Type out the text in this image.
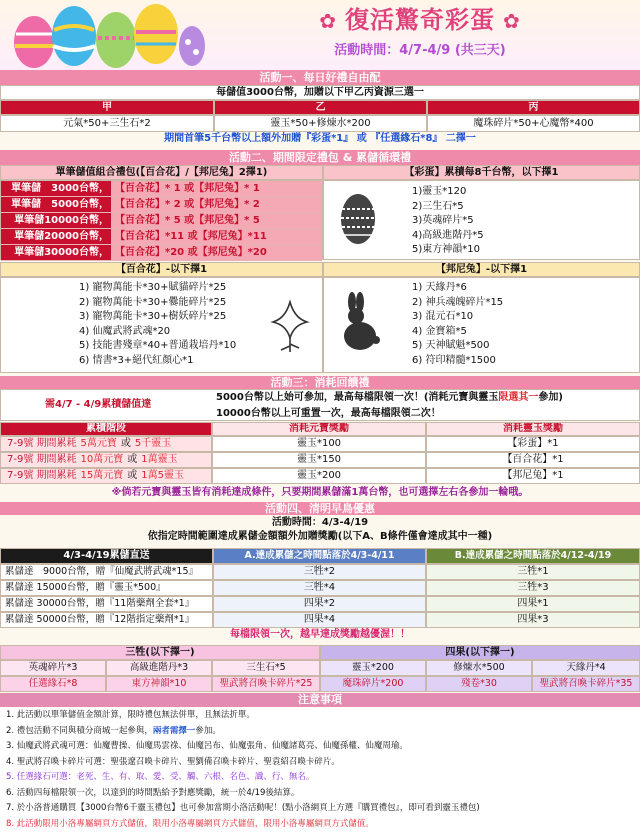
✿ 復活驚奇彩蛋 ✿
活動時間：4/7-4/9 (共三天)
活動一、每日好禮自由配
每儲值3000台幣，加贈以下甲乙丙資源三選一
甲	乙	丙
元氣*50+三生石*2	靈玉*50+修煉水*200	魔珠碎片*50+心魔幣*400
期間首筆5千台幣以上額外加贈『彩蛋*1』 或 『任選緣石*8』 二擇一
活動二、期間限定禮包 & 累儲循環禮
單筆儲值組合禮包(【百合花】/【邦尼兔】2擇1)	【彩蛋】累積每8千台幣，以下擇1
單筆儲　3000台幣， 【百合花】* 1 或【邦尼兔】* 1
單筆儲　5000台幣， 【百合花】* 2 或【邦尼兔】* 2
單筆儲10000台幣， 【百合花】* 5 或【邦尼兔】* 5
單筆儲20000台幣， 【百合花】*11 或【邦尼兔】*11
單筆儲30000台幣， 【百合花】*20 或【邦尼兔】*20
1)靈玉*120
2)三生石*5
3)英魂碎片*5
4)高級進階丹*5
5)東方神韻*10
【百合花】-以下擇1	【邦尼兔】-以下擇1
1) 寵物萬能卡*30+賦貓碎片*25
2) 寵物萬能卡*30+爨能碎片*25
3) 寵物萬能卡*30+樹妖碎片*25
4) 仙魔武將武魂*20
5) 技能書殘章*40+普通栽培丹*10
6) 情書*3+絕代紅顏心*1
1) 天緣丹*6
2) 神兵魂魄碎片*15
3) 混元石*10
4) 金寶箱*5
5) 天神賦魁*500
6) 符印精髓*1500
活動三：消耗回饋禮
需4/7 - 4/9累積儲值達
5000台幣以上始可參加，最高每檔限領一次！(消耗元寶與靈玉限選其一參加)
10000台幣以上可重置一次，最高每檔限領二次！
累積階段	消耗元寶獎勵	消耗靈玉獎勵
7-9號 期間累耗 5萬元寶 或 5千靈玉	靈玉*100	【彩蛋】*1
7-9號 期間累耗 10萬元寶 或 1萬靈玉	靈玉*150	【百合花】*1
7-9號 期間累耗 15萬元寶 或 1萬5靈玉	靈玉*200	【邦尼兔】*1
※倘若元寶與靈玉皆有消耗達成條件，只要期間累儲滿1萬台幣，也可選擇左右各參加一輪哦。
活動四、清明早鳥優惠
活動時間：4/3-4/19
依指定時間範圍達成累儲金額額外加贈獎勵(以下A、B條件僅會達成其中一種)
4/3-4/19累儲直送	A.達成累儲之時間點落於4/3-4/11	B.達成累儲之時間點落於4/12-4/19
累儲達　9000台幣，贈『仙魔武將武魂*15』	三牲*2	三牲*1
累儲達 15000台幣，贈『靈玉*500』	三牲*4	三牲*3
累儲達 30000台幣，贈『11階藥劑全套*1』	四果*2	四果*1
累儲達 50000台幣，贈『12階指定藥劑*1』	四果*4	四果*3
每檔限領一次，越早達成獎勵越優渥！！
三牲(以下擇一)	四果(以下擇一)
英魂碎片*3	高級進階丹*3	三生石*5	靈玉*200	修煉水*500	天緣丹*4
任選緣石*8	東方神韻*10	聖武將召喚卡碎片*25	魔珠碎片*200	殘卷*30	聖武將召喚卡碎片*35
注意事項
1. 此活動以單筆儲值金額計算，限時禮包無法併單，且無法折單。
2. 禮包活動不同與積分商城一起參與，兩者需擇一參加。
3. 仙魔武將武魂可選：仙魔曹操、仙魔馬雲祿、仙魔呂布、仙魔張角、仙魔諸葛亮、仙魔孫權、仙魔周瑜。
4. 聖武將召喚卡碎片可選：聖張遼召喚卡碎片、聖劉備召喚卡碎片、聖袁紹召喚卡碎片。
5. 任選緣石可選：老死、生、有、取、愛、受、觸、六根、名色、識、行、無名。
6. 活動四每檔限領一次，以達到的時間點給予對應獎勵，統一於4/19後結算。
7. 於小洛普通購買【3000台幣6千靈玉禮包】也可參加當期小洛活動呢！(點小洛網頁上方選『購買禮包』，即可看到靈玉禮包)
8. 此活動限用小洛專屬網頁方式儲值，限用小洛專屬網頁方式儲值，限用小洛專屬網頁方式儲值。
